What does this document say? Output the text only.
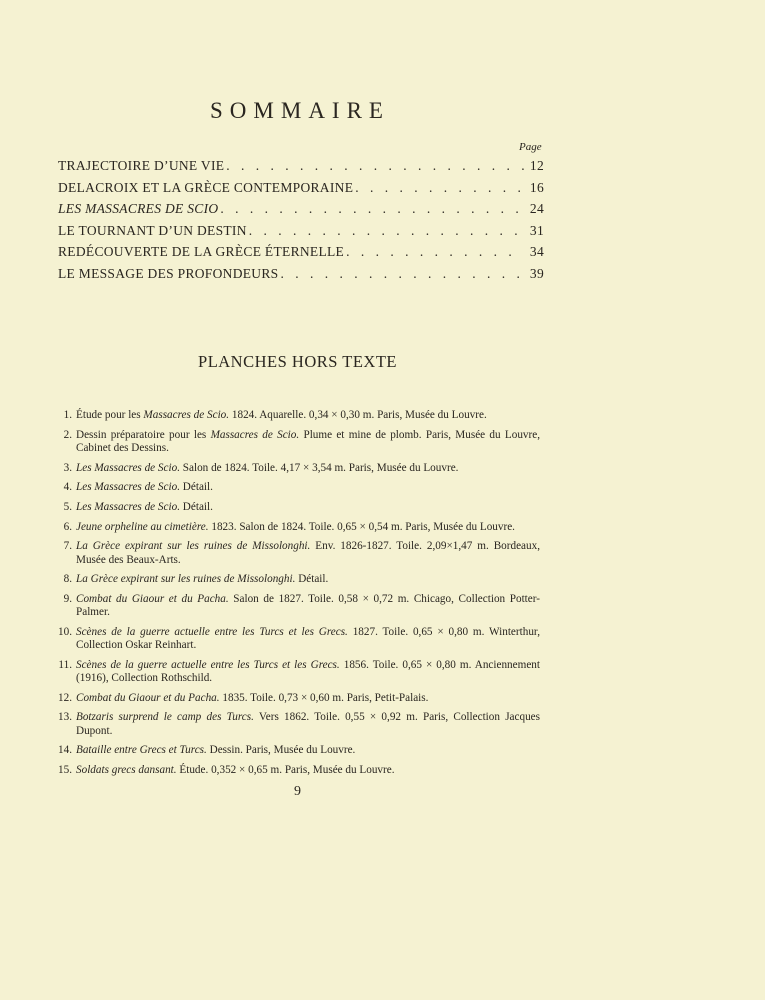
SOMMAIRE
Page
TRAJECTOIRE D’UNE VIE . . .	12
DELACROIX ET LA GRÈCE CONTEMPORAINE . . .	16
LES MASSACRES DE SCIO . . .	24
LE TOURNANT D’UN DESTIN . . .	31
REDÉCOUVERTE DE LA GRÈCE ÉTERNELLE . . .	34
LE MESSAGE DES PROFONDEURS . . .	39
PLANCHES HORS TEXTE
1. Étude pour les Massacres de Scio. 1824. Aquarelle. 0,34 × 0,30 m. Paris, Musée du Louvre.
2. Dessin préparatoire pour les Massacres de Scio. Plume et mine de plomb. Paris, Musée du Louvre, Cabinet des Dessins.
3. Les Massacres de Scio. Salon de 1824. Toile. 4,17 × 3,54 m. Paris, Musée du Louvre.
4. Les Massacres de Scio. Détail.
5. Les Massacres de Scio. Détail.
6. Jeune orpheline au cimetière. 1823. Salon de 1824. Toile. 0,65 × 0,54 m. Paris, Musée du Louvre.
7. La Grèce expirant sur les ruines de Missolonghi. Env. 1826-1827. Toile. 2,09×1,47 m. Bordeaux, Musée des Beaux-Arts.
8. La Grèce expirant sur les ruines de Missolonghi. Détail.
9. Combat du Giaour et du Pacha. Salon de 1827. Toile. 0,58 × 0,72 m. Chicago, Collection Potter-Palmer.
10. Scènes de la guerre actuelle entre les Turcs et les Grecs. 1827. Toile. 0,65 × 0,80 m. Winterthur, Collection Oskar Reinhart.
11. Scènes de la guerre actuelle entre les Turcs et les Grecs. 1856. Toile. 0,65 × 0,80 m. Anciennement (1916), Collection Rothschild.
12. Combat du Giaour et du Pacha. 1835. Toile. 0,73 × 0,60 m. Paris, Petit-Palais.
13. Botzaris surprend le camp des Turcs. Vers 1862. Toile. 0,55 × 0,92 m. Paris, Collection Jacques Dupont.
14. Bataille entre Grecs et Turcs. Dessin. Paris, Musée du Louvre.
15. Soldats grecs dansant. Étude. 0,352 × 0,65 m. Paris, Musée du Louvre.
9
